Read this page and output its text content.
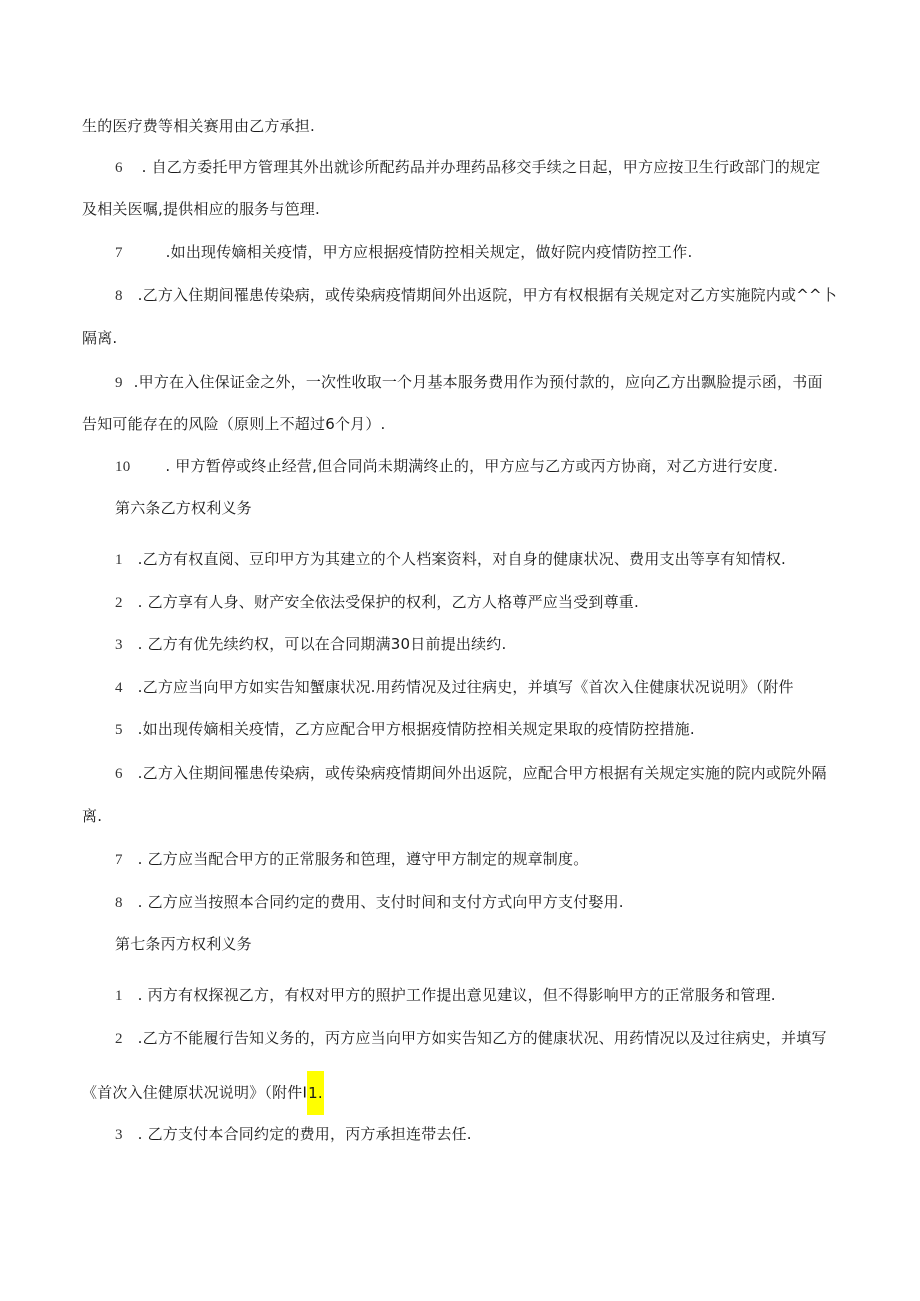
生的医疗费等相关赛用由乙方承担.
6 . 自乙方委托甲方管理其外出就诊所配药品并办理药品移交手续之日起，甲方应按卫生行政部门的规定
及相关医嘱,提供相应的服务与笆理.
7	.如出现传嫡相关疫情，甲方应根据疫情防控相关规定，做好院内疫情防控工作.
8 .乙方入住期间罹患传染病，或传染病疫情期间外出返院，甲方有权根据有关规定对乙方实施院内或^^卜
隔离.
9 .甲方在入住保证金之外，一次性收取一个月基本服务费用作为预付款的，应向乙方出飘脸提示函，书面
告知可能存在的风险（原则上不超过6个月）.
10 . 甲方暂停或终止经营,但合同尚未期满终止的，甲方应与乙方或丙方协商，对乙方进行安度.
第六条乙方权利义务
1 .乙方有权直阅、豆印甲方为其建立的个人档案资料，对自身的健康状况、费用支出等享有知情权.
2 . 乙方享有人身、财产安全依法受保护的权利，乙方人格尊严应当受到尊重.
3 . 乙方有优先续约权，可以在合同期满30日前提出续约.
4 .乙方应当向甲方如实告知蟹康状况.用药情况及过往病史，并填写《首次入住健康状况说明》（附件
5 .如出现传嫡相关疫情，乙方应配合甲方根据疫情防控相关规定果取的疫情防控措施.
6 .乙方入住期间罹患传染病，或传染病疫情期间外出返院，应配合甲方根据有关规定实施的院内或院外隔
离.
7 . 乙方应当配合甲方的正常服务和笆理，遵守甲方制定的规章制度。
8 . 乙方应当按照本合同约定的费用、支付时间和支付方式向甲方支付娶用.
第七条丙方权利义务
1 . 丙方有权探视乙方，有权对甲方的照护工作提出意见建议，但不得影响甲方的正常服务和管理.
2 .乙方不能履行告知义务的，丙方应当向甲方如实告知乙方的健康状况、用药情况以及过往病史，并填写
《首次入住健原状况说明》（附件I1.
3 . 乙方支付本合同约定的费用，丙方承担连带去任.
